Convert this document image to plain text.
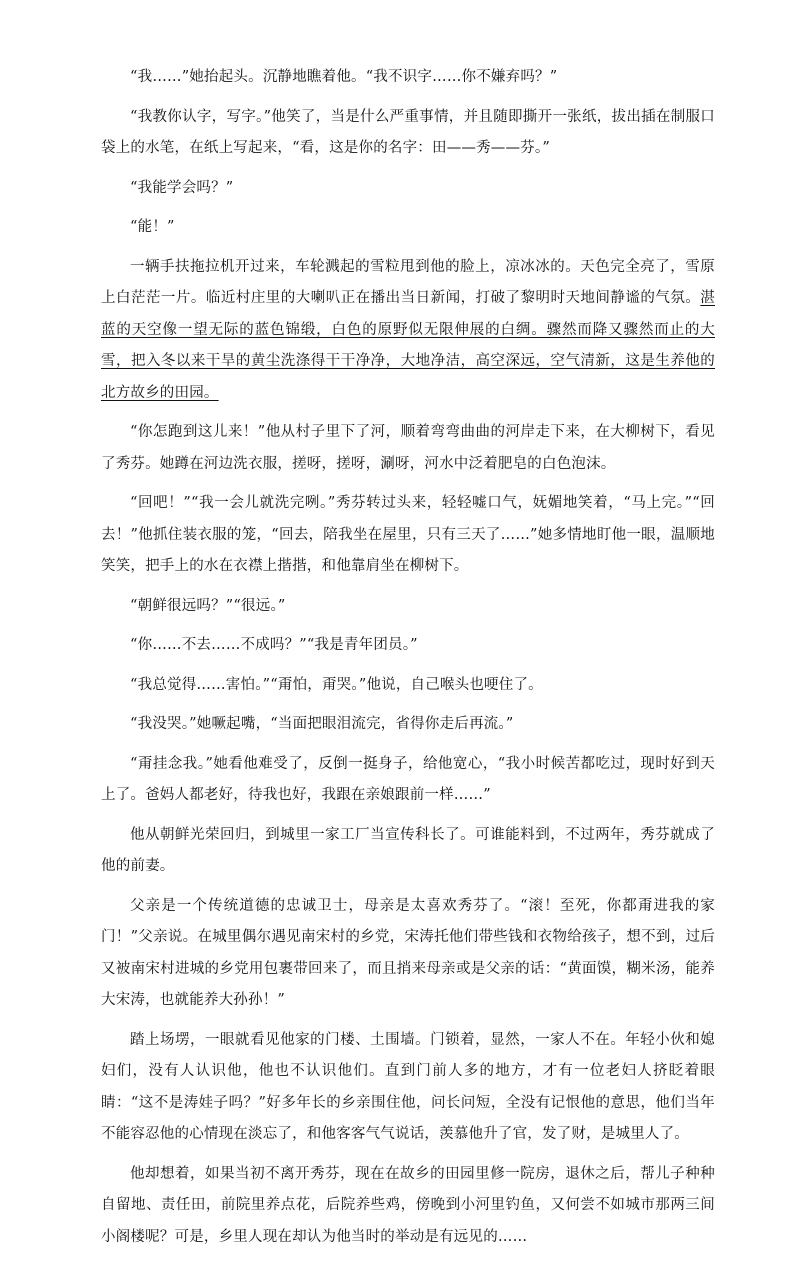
“我……”她抬起头。沉静地瞧着他。“我不识字……你不嫌弃吗？”

“我教你认字，写字。”他笑了，当是什么严重事情，并且随即撕开一张纸，拔出插在制服口袋上的水笔，在纸上写起来，“看，这是你的名字：田——秀——芬。”

“我能学会吗？”

“能！”

一辆手扶拖拉机开过来，车轮溅起的雪粒甩到他的脸上，凉冰冰的。天色完全亮了，雪原上白茫茫一片。临近村庄里的大喇叭正在播出当日新闻，打破了黎明时天地间静谧的气氛。湛蓝的天空像一望无际的蓝色锦缎，白色的原野似无限伸展的白绸。骤然而降又骤然而止的大雪，把入冬以来干旱的黄尘洗涤得干干净净，大地净洁，高空深远，空气清新，这是生养他的北方故乡的田园。

“你怎跑到这儿来！”他从村子里下了河，顺着弯弯曲曲的河岸走下来，在大柳树下，看见了秀芬。她蹲在河边洗衣服，搓呀，搓呀，涮呀，河水中泛着肥皂的白色泡沫。

“回吧！”“我一会儿就洗完咧。”秀芬转过头来，轻轻嘘口气，妩媚地笑着，“马上完。”“回去！”他抓住装衣服的笼，“回去，陪我坐在屋里，只有三天了……”她多情地盯他一眼，温顺地笑笑，把手上的水在衣襟上揩揩，和他靠肩坐在柳树下。

“朝鲜很远吗？”“很远。”

“你……不去……不成吗？”“我是青年团员。”

“我总觉得……害怕。”“甭怕，甭哭。”他说，自己喉头也哽住了。

“我没哭。”她噘起嘴，“当面把眼泪流完，省得你走后再流。”

“甭挂念我。”她看他难受了，反倒一挺身子，给他宽心，“我小时候苦都吃过，现时好到天上了。爸妈人都老好，待我也好，我跟在亲娘跟前一样……”

他从朝鲜光荣回归，到城里一家工厂当宣传科长了。可谁能料到，不过两年，秀芬就成了他的前妻。

父亲是一个传统道德的忠诚卫士，母亲是太喜欢秀芬了。“滚！至死，你都甭进我的家门！”父亲说。在城里偶尔遇见南宋村的乡党，宋涛托他们带些钱和衣物给孩子，想不到，过后又被南宋村进城的乡党用包裹带回来了，而且捎来母亲或是父亲的话：“黄面馍，糊米汤，能养大宋涛，也就能养大孙孙！”

踏上场塄，一眼就看见他家的门楼、土围墙。门锁着，显然，一家人不在。年轻小伙和媳妇们，没有人认识他，他也不认识他们。直到门前人多的地方，才有一位老妇人挤眨着眼睛：“这不是涛娃子吗？”好多年长的乡亲围住他，问长问短，全没有记恨他的意思，他们当年不能容忍他的心情现在淡忘了，和他客客气气说话，羡慕他升了官，发了财，是城里人了。

他却想着，如果当初不离开秀芬，现在在故乡的田园里修一院房，退休之后，帮儿子种种自留地、责任田，前院里养点花，后院养些鸡，傍晚到小河里钓鱼，又何尝不如城市那两三间小阁楼呢？可是，乡里人现在却认为他当时的举动是有远见的……
